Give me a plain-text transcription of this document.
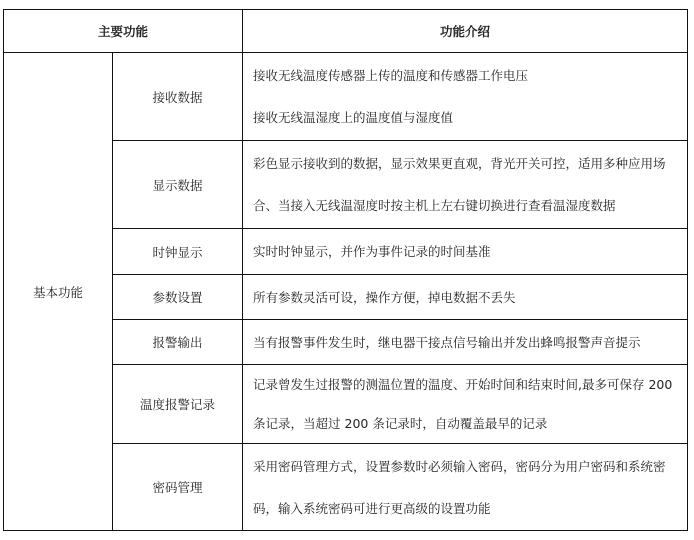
主要功能		功能介绍
基本功能	接收数据	接收无线温度传感器上传的温度和传感器工作电压
接收无线温湿度上的温度值与湿度值

	显示数据	彩色显示接收到的数据，显示效果更直观，背光开关可控，适用多种应用场
合、当接入无线温湿度时按主机上左右键切换进行查看温湿度数据

	时钟显示	实时时钟显示，并作为事件记录的时间基准

	参数设置	所有参数灵活可设，操作方便，掉电数据不丢失

	报警输出	当有报警事件发生时，继电器干接点信号输出并发出蜂鸣报警声音提示

	温度报警记录	记录曾发生过报警的测温位置的温度、开始时间和结束时间,最多可保存 200
条记录，当超过 200 条记录时，自动覆盖最早的记录

	密码管理	采用密码管理方式，设置参数时必须输入密码，密码分为用户密码和系统密
码，输入系统密码可进行更高级的设置功能
